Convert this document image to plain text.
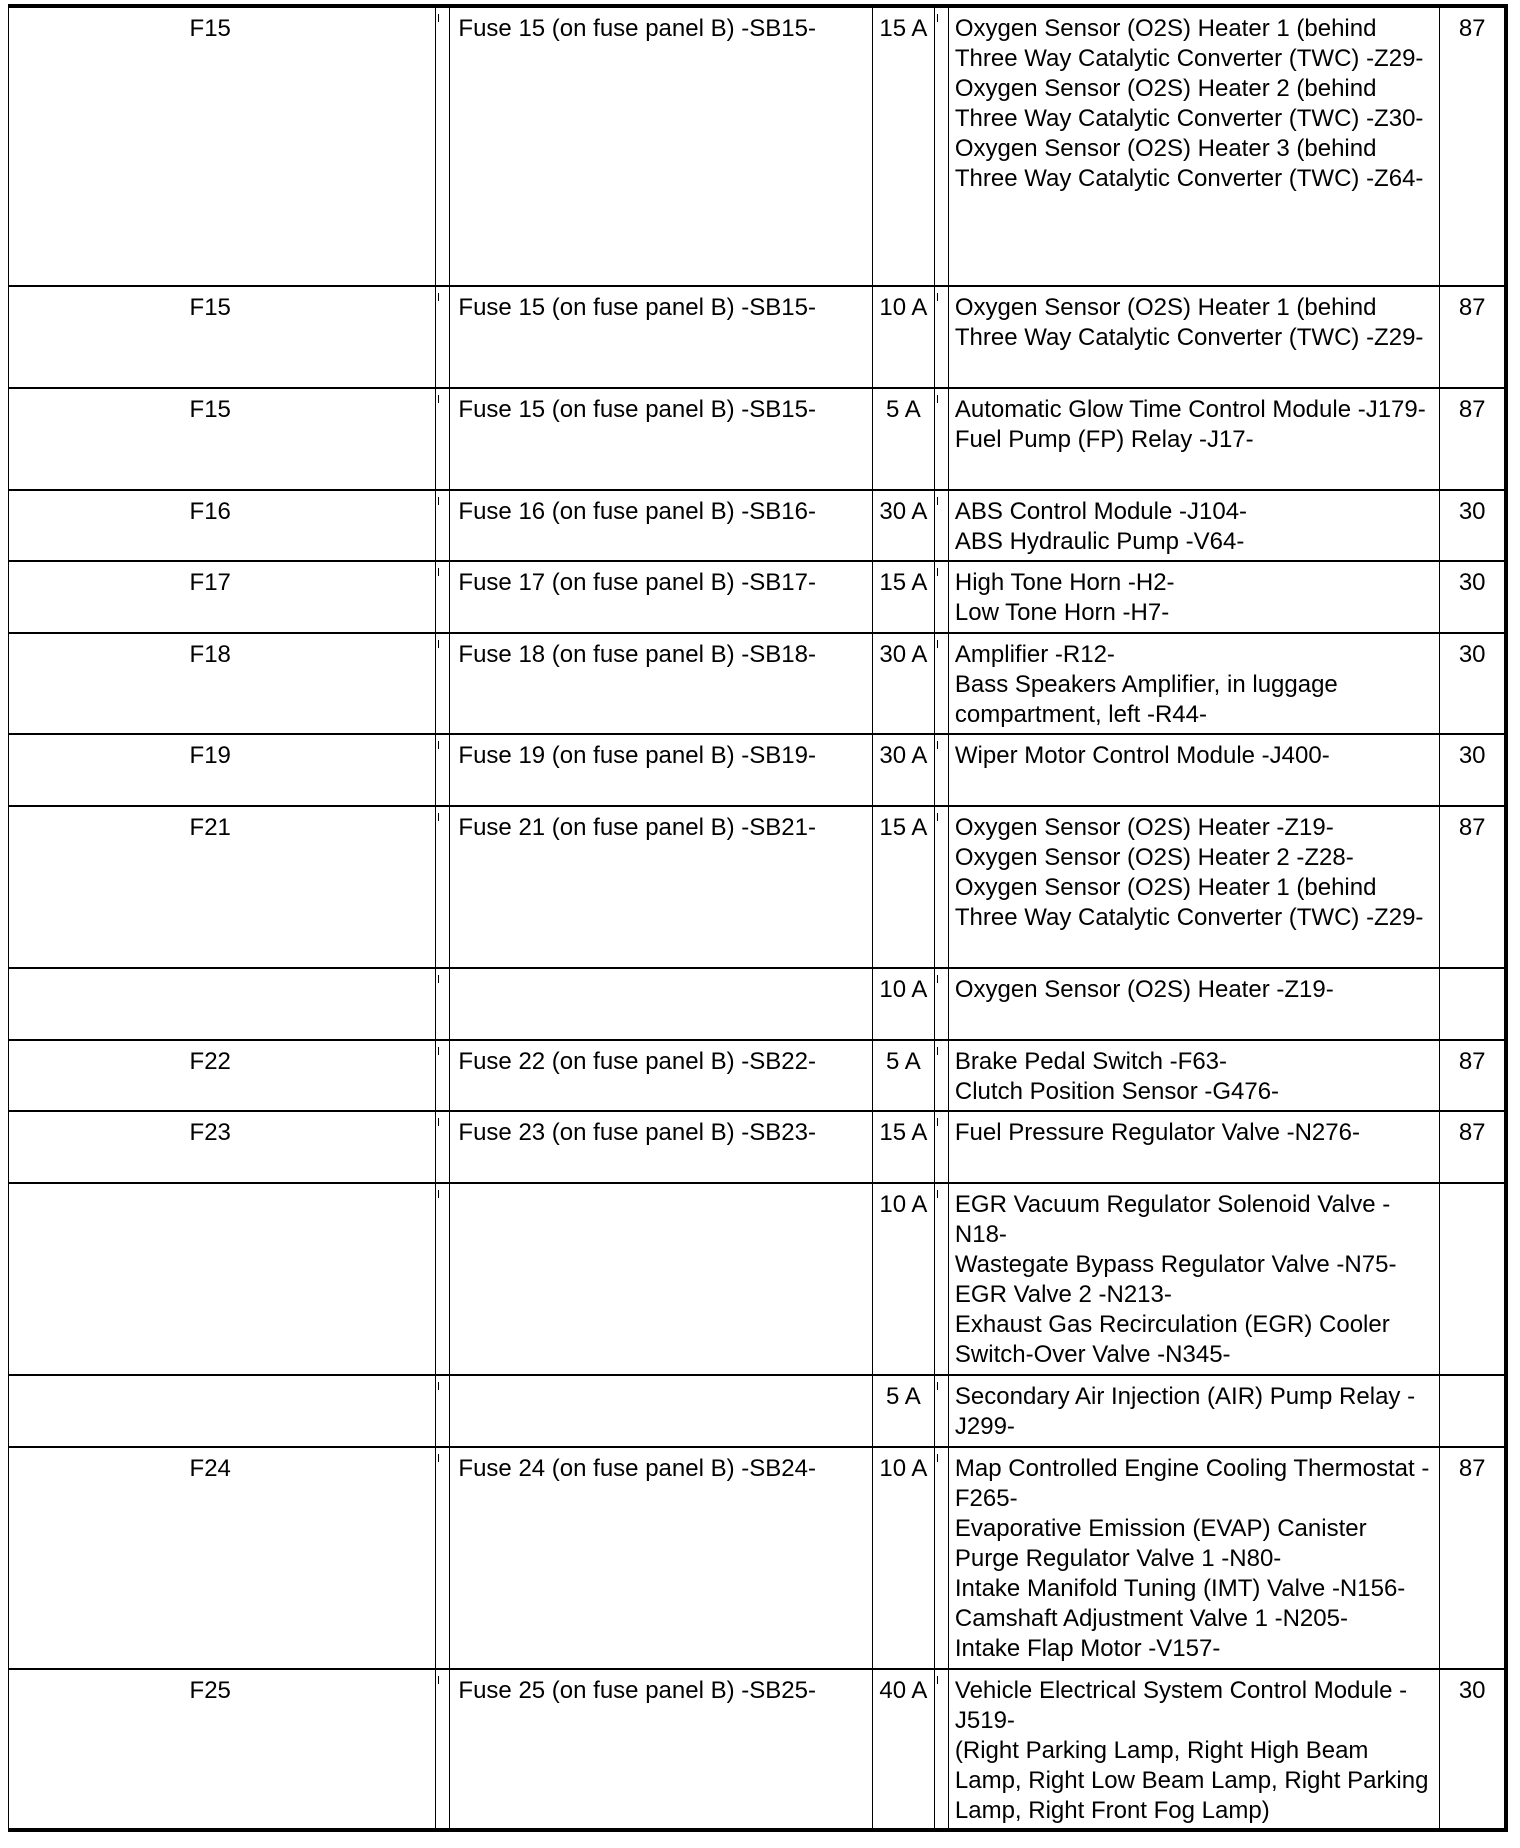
F15		Fuse 15 (on fuse panel B) -SB15-	15 A		Oxygen Sensor (O2S) Heater 1 (behind Three Way Catalytic Converter (TWC) -Z29-
Oxygen Sensor (O2S) Heater 2 (behind Three Way Catalytic Converter (TWC) -Z30-
Oxygen Sensor (O2S) Heater 3 (behind Three Way Catalytic Converter (TWC) -Z64-	87
F15		Fuse 15 (on fuse panel B) -SB15-	10 A		Oxygen Sensor (O2S) Heater 1 (behind Three Way Catalytic Converter (TWC) -Z29-	87
F15		Fuse 15 (on fuse panel B) -SB15-	5 A		Automatic Glow Time Control Module -J179-
Fuel Pump (FP) Relay -J17-	87
F16		Fuse 16 (on fuse panel B) -SB16-	30 A		ABS Control Module -J104-
ABS Hydraulic Pump -V64-	30
F17		Fuse 17 (on fuse panel B) -SB17-	15 A		High Tone Horn -H2-
Low Tone Horn -H7-	30
F18		Fuse 18 (on fuse panel B) -SB18-	30 A		Amplifier -R12-
Bass Speakers Amplifier, in luggage compartment, left -R44-	30
F19		Fuse 19 (on fuse panel B) -SB19-	30 A		Wiper Motor Control Module -J400-	30
F21		Fuse 21 (on fuse panel B) -SB21-	15 A		Oxygen Sensor (O2S) Heater -Z19-
Oxygen Sensor (O2S) Heater 2 -Z28-
Oxygen Sensor (O2S) Heater 1 (behind Three Way Catalytic Converter (TWC) -Z29-	87
			10 A		Oxygen Sensor (O2S) Heater -Z19-	
F22		Fuse 22 (on fuse panel B) -SB22-	5 A		Brake Pedal Switch -F63-
Clutch Position Sensor -G476-	87
F23		Fuse 23 (on fuse panel B) -SB23-	15 A		Fuel Pressure Regulator Valve -N276-	87
			10 A		EGR Vacuum Regulator Solenoid Valve -N18-
Wastegate Bypass Regulator Valve -N75-
EGR Valve 2 -N213-
Exhaust Gas Recirculation (EGR) Cooler Switch-Over Valve -N345-	
			5 A		Secondary Air Injection (AIR) Pump Relay -J299-	
F24		Fuse 24 (on fuse panel B) -SB24-	10 A		Map Controlled Engine Cooling Thermostat -F265-
Evaporative Emission (EVAP) Canister Purge Regulator Valve 1 -N80-
Intake Manifold Tuning (IMT) Valve -N156-
Camshaft Adjustment Valve 1 -N205-
Intake Flap Motor -V157-	87
F25		Fuse 25 (on fuse panel B) -SB25-	40 A		Vehicle Electrical System Control Module -J519-
(Right Parking Lamp, Right High Beam Lamp, Right Low Beam Lamp, Right Parking Lamp, Right Front Fog Lamp)	30
